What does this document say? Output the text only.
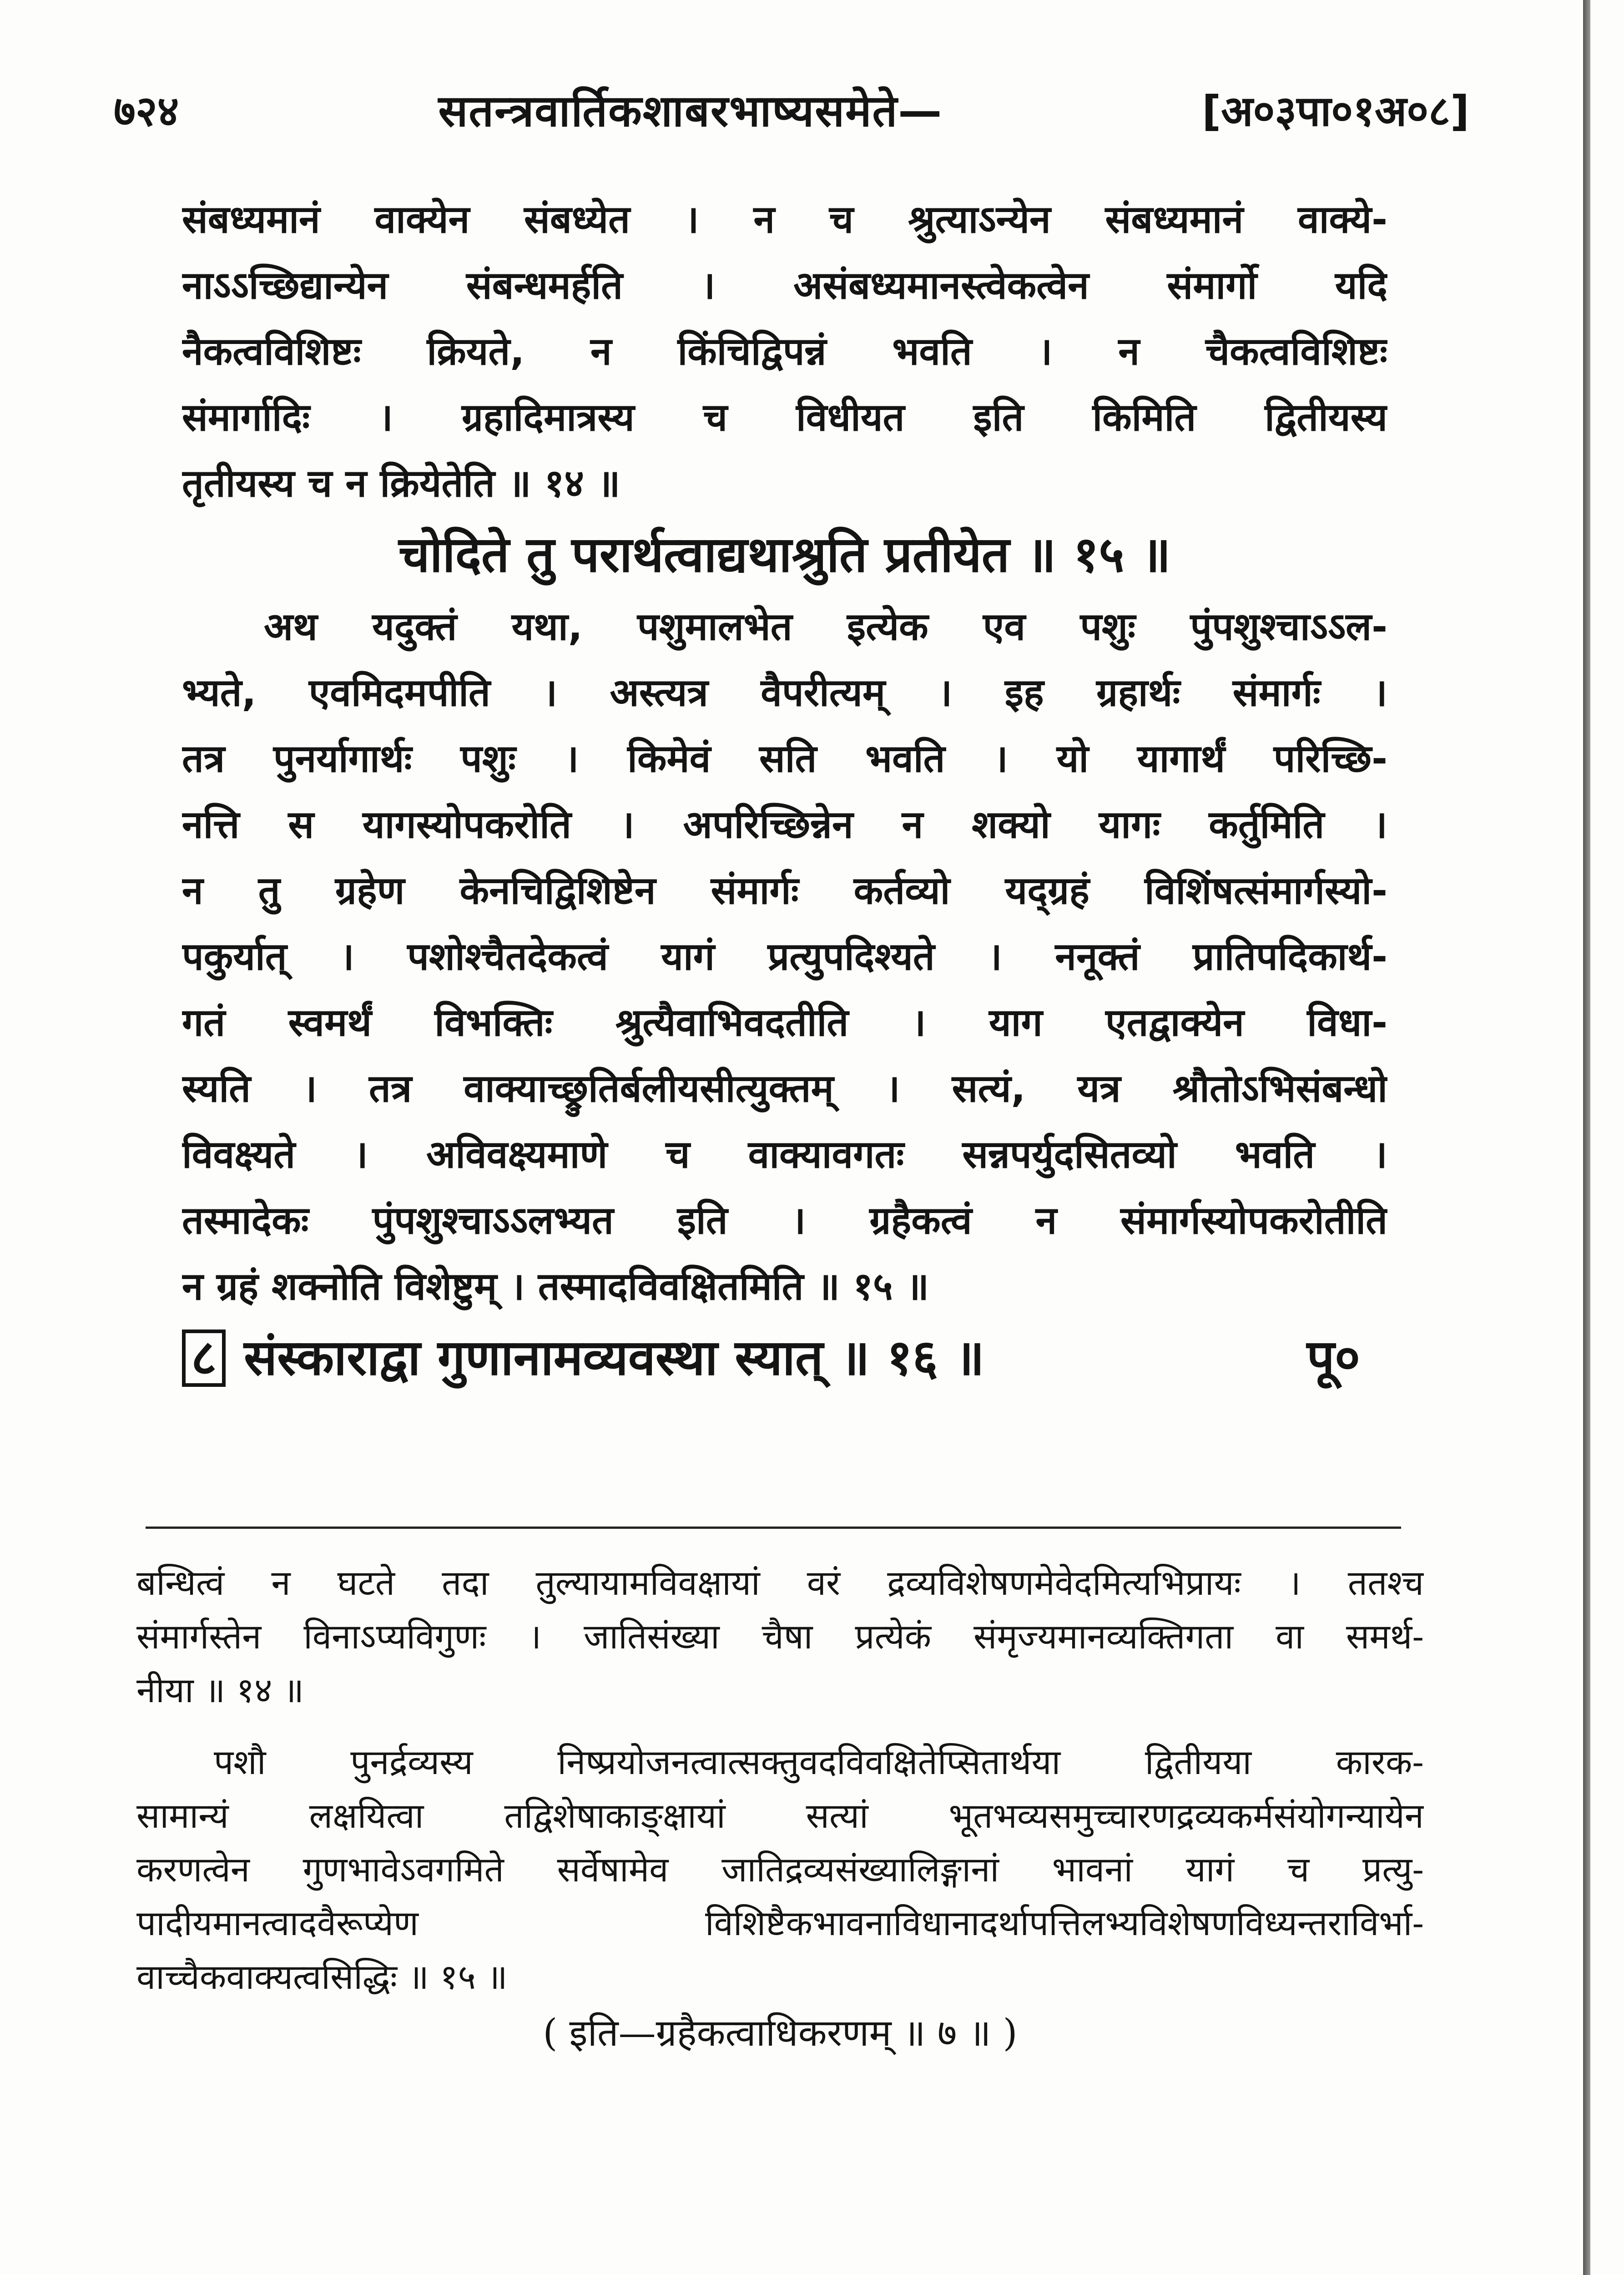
७२४	सतन्त्रवार्तिकशाबरभाष्यसमेते—	[अ०३पा०१अ०८]
संबध्यमानं वाक्येन संबध्येत । न च श्रुत्याऽन्येन संबध्यमानं वाक्ये-
नाऽऽच्छिद्यान्येन संबन्धमर्हति । असंबध्यमानस्त्वेकत्वेन संमार्गो यदि
नैकत्वविशिष्टः क्रियते, न किंचिद्विपन्नं भवति । न चैकत्वविशिष्टः
संमार्गादिः । ग्रहादिमात्रस्य च विधीयत इति किमिति द्वितीयस्य
तृतीयस्य च न क्रियेतेति ॥ १४ ॥
चोदिते तु परार्थत्वाद्यथाश्रुति प्रतीयेत ॥ १५ ॥
अथ यदुक्तं यथा, पशुमालभेत इत्येक एव पशुः पुंपशुश्चाऽऽल-
भ्यते, एवमिदमपीति । अस्त्यत्र वैपरीत्यम् । इह ग्रहार्थः संमार्गः ।
तत्र पुनर्यागार्थः पशुः । किमेवं सति भवति । यो यागार्थं परिच्छि-
नत्ति स यागस्योपकरोति । अपरिच्छिन्नेन न शक्यो यागः कर्तुमिति ।
न तु ग्रहेण केनचिद्विशिष्टेन संमार्गः कर्तव्यो यद्ग्रहं विशिंषत्संमार्गस्यो-
पकुर्यात् । पशोश्चैतदेकत्वं यागं प्रत्युपदिश्यते । ननूक्तं प्रातिपदिकार्थ-
गतं स्वमर्थं विभक्तिः श्रुत्यैवाभिवदतीति । याग एतद्वाक्येन विधा-
स्यति । तत्र वाक्याच्छ्रुतिर्बलीयसीत्युक्तम् । सत्यं, यत्र श्रौतोऽभिसंबन्धो
विवक्ष्यते । अविवक्ष्यमाणे च वाक्यावगतः सन्नपर्युदसितव्यो भवति ।
तस्मादेकः पुंपशुश्चाऽऽलभ्यत इति । ग्रहैकत्वं न संमार्गस्योपकरोतीति
न ग्रहं शक्नोति विशेष्टुम् । तस्मादविवक्षितमिति ॥ १५ ॥
८ संस्काराद्वा गुणानामव्यवस्था स्यात् ॥ १६ ॥	पू०
बन्धित्वं न घटते तदा तुल्यायामविवक्षायां वरं द्रव्यविशेषणमेवेदमित्यभिप्रायः । ततश्च
संमार्गस्तेन विनाऽप्यविगुणः । जातिसंख्या चैषा प्रत्येकं संमृज्यमानव्यक्तिगता वा समर्थ-
नीया ॥ १४ ॥
पशौ पुनर्द्रव्यस्य निष्प्रयोजनत्वात्सक्तुवदविवक्षितेप्सितार्थया द्वितीयया कारक-
सामान्यं लक्षयित्वा तद्विशेषाकाङ्क्षायां सत्यां भूतभव्यसमुच्चारणद्रव्यकर्मसंयोगन्यायेन
करणत्वेन गुणभावेऽवगमिते सर्वेषामेव जातिद्रव्यसंख्यालिङ्गानां भावनां यागं च प्रत्यु-
पादीयमानत्वादवैरूप्येण विशिष्टैकभावनाविधानादर्थापत्तिलभ्यविशेषणविध्यन्तराविर्भा-
वाच्चैकवाक्यत्वसिद्धिः ॥ १५ ॥
( इति—ग्रहैकत्वाधिकरणम् ॥ ७ ॥ )
